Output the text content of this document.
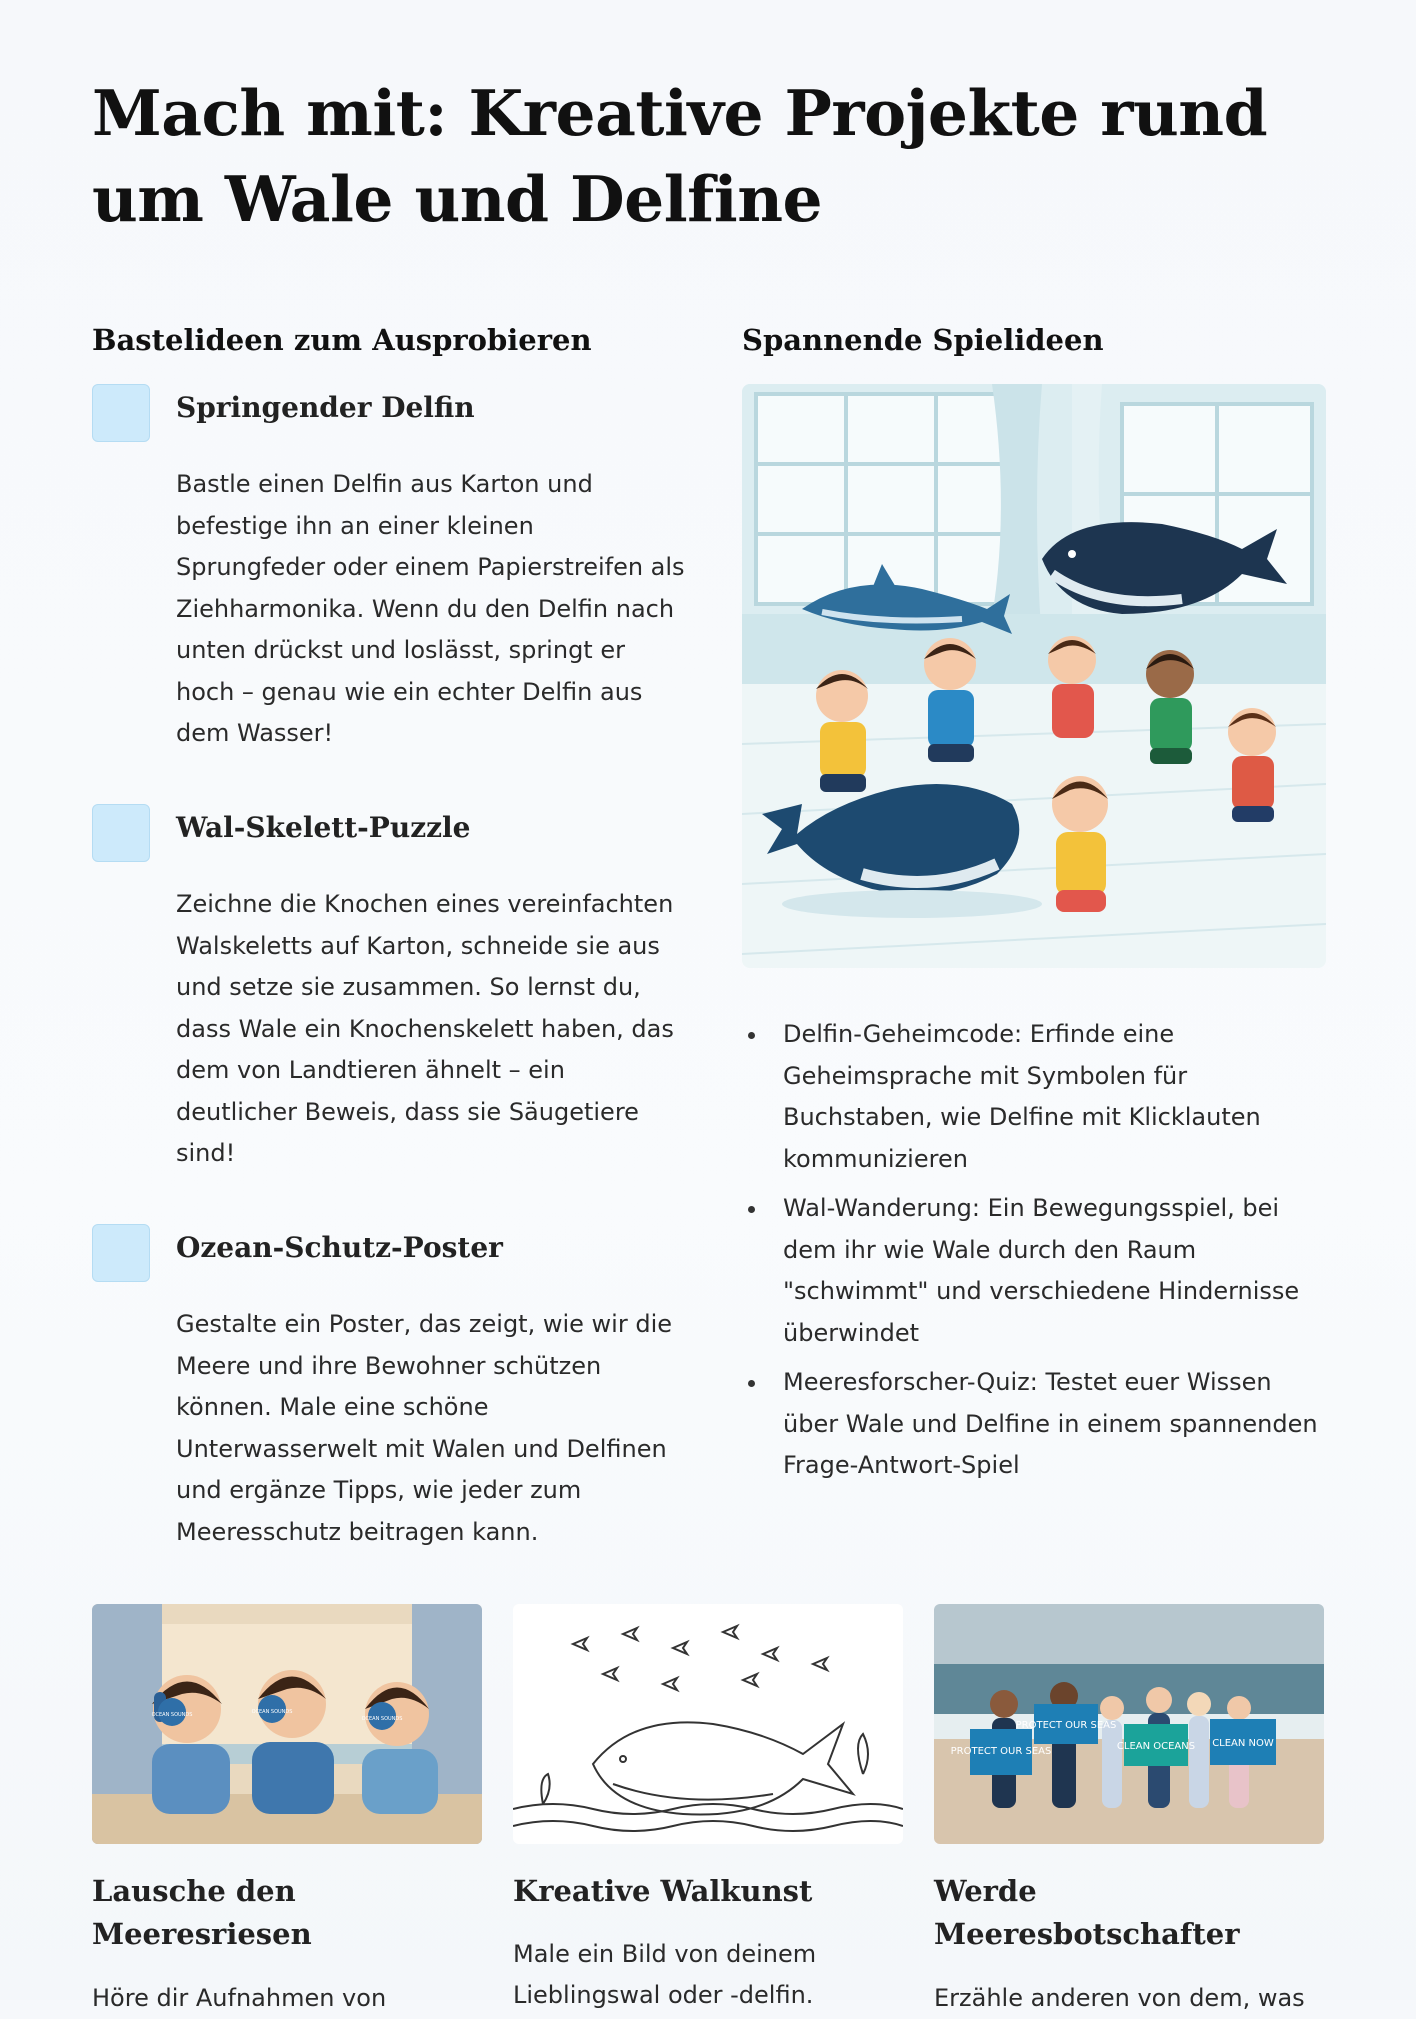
Mach mit: Kreative Projekte rund um Wale und Delfine
Bastelideen zum Ausprobieren
Springender Delfin

Bastle einen Delfin aus Karton und befestige ihn an einer kleinen Sprungfeder oder einem Papierstreifen als Ziehharmonika. Wenn du den Delfin nach unten drückst und loslässt, springt er hoch – genau wie ein echter Delfin aus dem Wasser!

Wal-Skelett-Puzzle

Zeichne die Knochen eines vereinfachten Walskeletts auf Karton, schneide sie aus und setze sie zusammen. So lernst du, dass Wale ein Knochenskelett haben, das dem von Landtieren ähnelt – ein deutlicher Beweis, dass sie Säugetiere sind!

Ozean-Schutz-Poster

Gestalte ein Poster, das zeigt, wie wir die Meere und ihre Bewohner schützen können. Male eine schöne Unterwasserwelt mit Walen und Delfinen und ergänze Tipps, wie jeder zum Meeresschutz beitragen kann.

Spannende Spielideen
Delfin-Geheimcode: Erfinde eine Geheimsprache mit Symbolen für Buchstaben, wie Delfine mit Klicklauten kommunizieren
Wal-Wanderung: Ein Bewegungsspiel, bei dem ihr wie Wale durch den Raum "schwimmt" und verschiedene Hindernisse überwindet
Meeresforscher-Quiz: Testet euer Wissen über Wale und Delfine in einem spannenden Frage-Antwort-Spiel
OCEAN SOUNDS	OCEAN SOUNDS
OCEAN SOUNDS
Lausche den Meeresriesen

Höre dir Aufnahmen von

Kreative Walkunst

Male ein Bild von deinem Lieblingswal oder -delfin.

PROTECT OUR SEAS
PROTECT OUR SEAS
CLEAN OCEANS CLEAN NOW
Werde Meeresbotschafter

Erzähle anderen von dem, was
